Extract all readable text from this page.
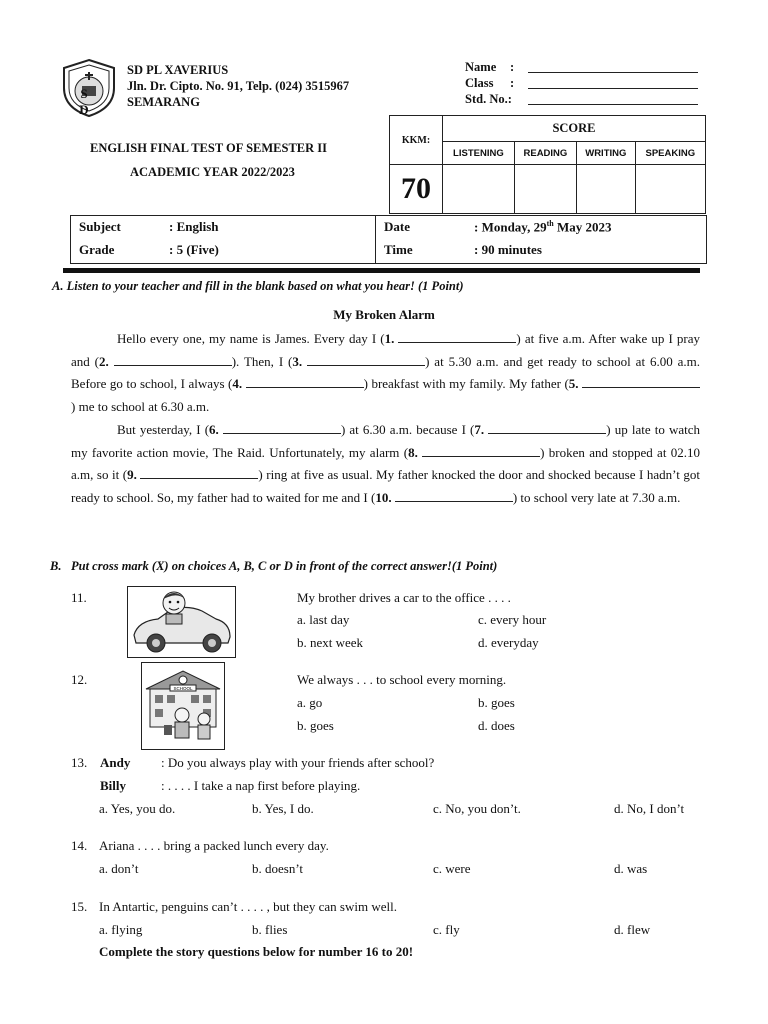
S D
SD PL XAVERIUS
Jln. Dr. Cipto. No. 91, Telp. (024) 3515967
SEMARANG
Name :
Class :
Std. No.:
ENGLISH FINAL TEST OF SEMESTER II
ACADEMIC YEAR 2022/2023
KKM:	SCORE			
	LISTENING	READING	WRITING	SPEAKING
70				
Subject	: English
Grade	: 5 (Five)

Date	: Monday, 29th May 2023
Time	: 90 minutes
A. Listen to your teacher and fill in the blank based on what you hear! (1 Point)
My Broken Alarm
Hello every one, my name is James. Every day I (1.	) at five a.m. After wake up I pray and (2.	). Then, I (3.	) at 5.30 a.m. and get ready to school at 6.00 a.m. Before go to school, I always (4.	) breakfast with my family. My father (5. ) me to school at 6.30 a.m.
But yesterday, I (6.	) at 6.30 a.m. because I (7.	) up late to watch my favorite action movie, The Raid. Unfortunately, my alarm (8.	) broken and stopped at 02.10 a.m, so it (9.	) ring at five as usual. My father knocked the door and shocked because I hadn’t got ready to school. So, my father had to waited for me and I (10.	) to school very late at 7.30 a.m.
B. Put cross mark (X) on choices A, B, C or D in front of the correct answer!(1 Point)
11.	My brother drives a car to the office . . . .
a. last day	c. every hour
b. next week	d. everyday
12.
SCHOOL
We always . . . to school every morning.
a. go	b. goes
b. goes	d. does
13. Andy : Do you always play with your friends after school?
Billy	: . . . . I take a nap first before playing.
a. Yes, you do.	b. Yes, I do.	c. No, you don’t.	d. No, I don’t
14. Ariana . . . . bring a packed lunch every day.
a. don’t	b. doesn’t	c. were	d. was
15. In Antartic, penguins can’t . . . . , but they can swim well.
a. flying	b. flies	c. fly	d. flew
Complete the story questions below for number 16 to 20!
